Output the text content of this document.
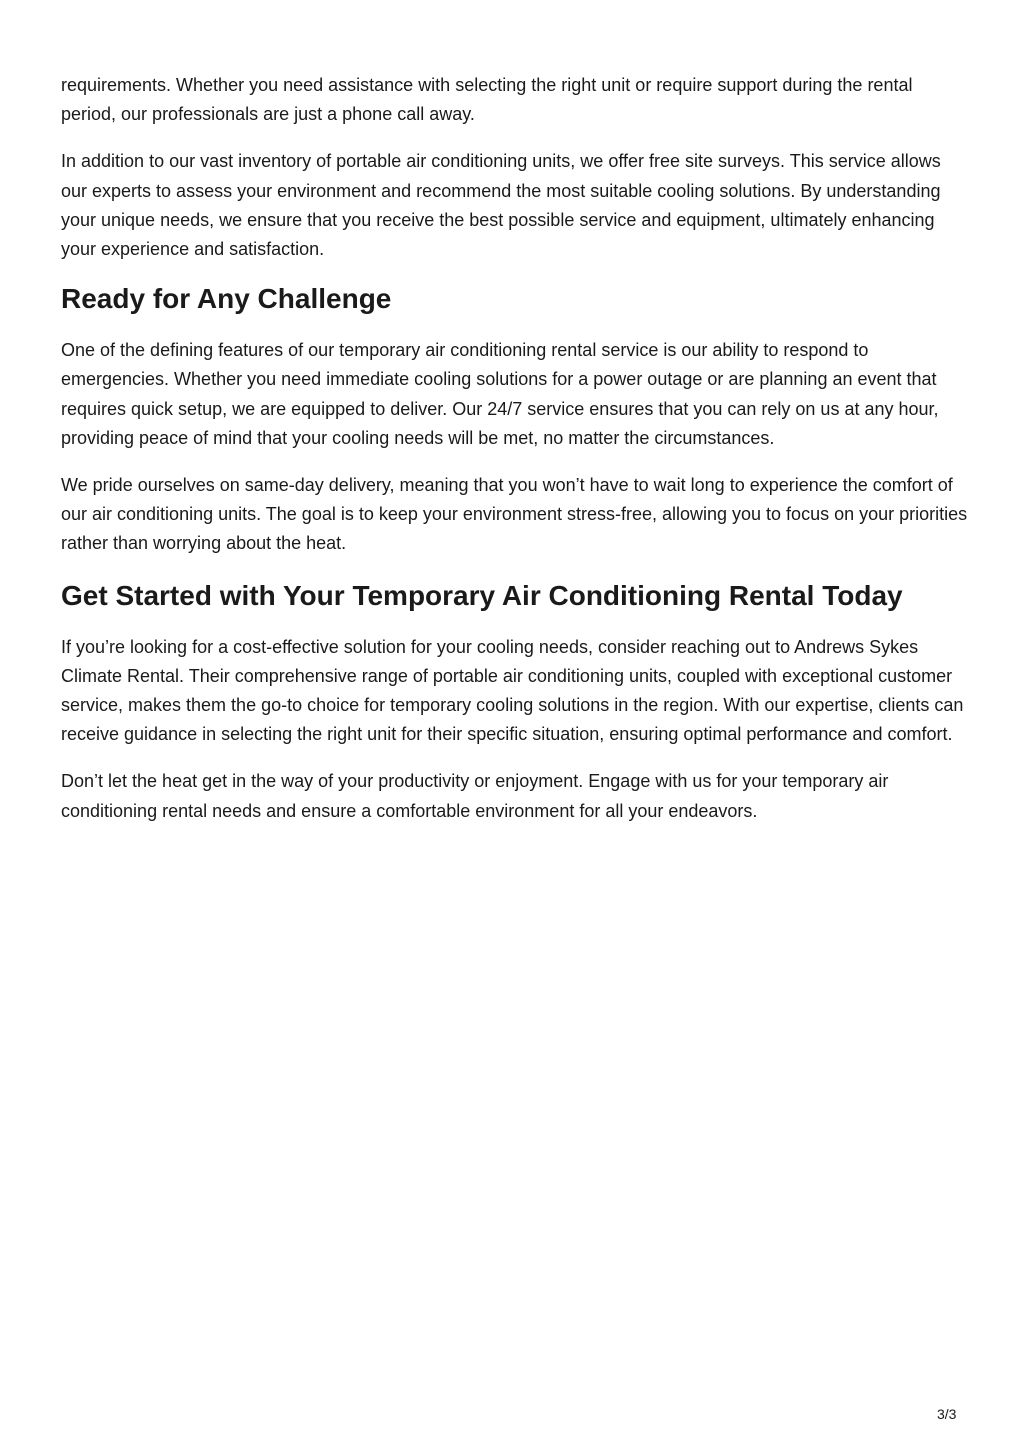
requirements. Whether you need assistance with selecting the right unit or require support during the rental period, our professionals are just a phone call away.

In addition to our vast inventory of portable air conditioning units, we offer free site surveys. This service allows our experts to assess your environment and recommend the most suitable cooling solutions. By understanding your unique needs, we ensure that you receive the best possible service and equipment, ultimately enhancing your experience and satisfaction.

Ready for Any Challenge

One of the defining features of our temporary air conditioning rental service is our ability to respond to emergencies. Whether you need immediate cooling solutions for a power outage or are planning an event that requires quick setup, we are equipped to deliver. Our 24/7 service ensures that you can rely on us at any hour, providing peace of mind that your cooling needs will be met, no matter the circumstances.

We pride ourselves on same-day delivery, meaning that you won’t have to wait long to experience the comfort of our air conditioning units. The goal is to keep your environment stress-free, allowing you to focus on your priorities rather than worrying about the heat.

Get Started with Your Temporary Air Conditioning Rental Today

If you’re looking for a cost-effective solution for your cooling needs, consider reaching out to Andrews Sykes Climate Rental. Their comprehensive range of portable air conditioning units, coupled with exceptional customer service, makes them the go-to choice for temporary cooling solutions in the region. With our expertise, clients can receive guidance in selecting the right unit for their specific situation, ensuring optimal performance and comfort.

Don’t let the heat get in the way of your productivity or enjoyment. Engage with us for your temporary air conditioning rental needs and ensure a comfortable environment for all your endeavors.

3/3
